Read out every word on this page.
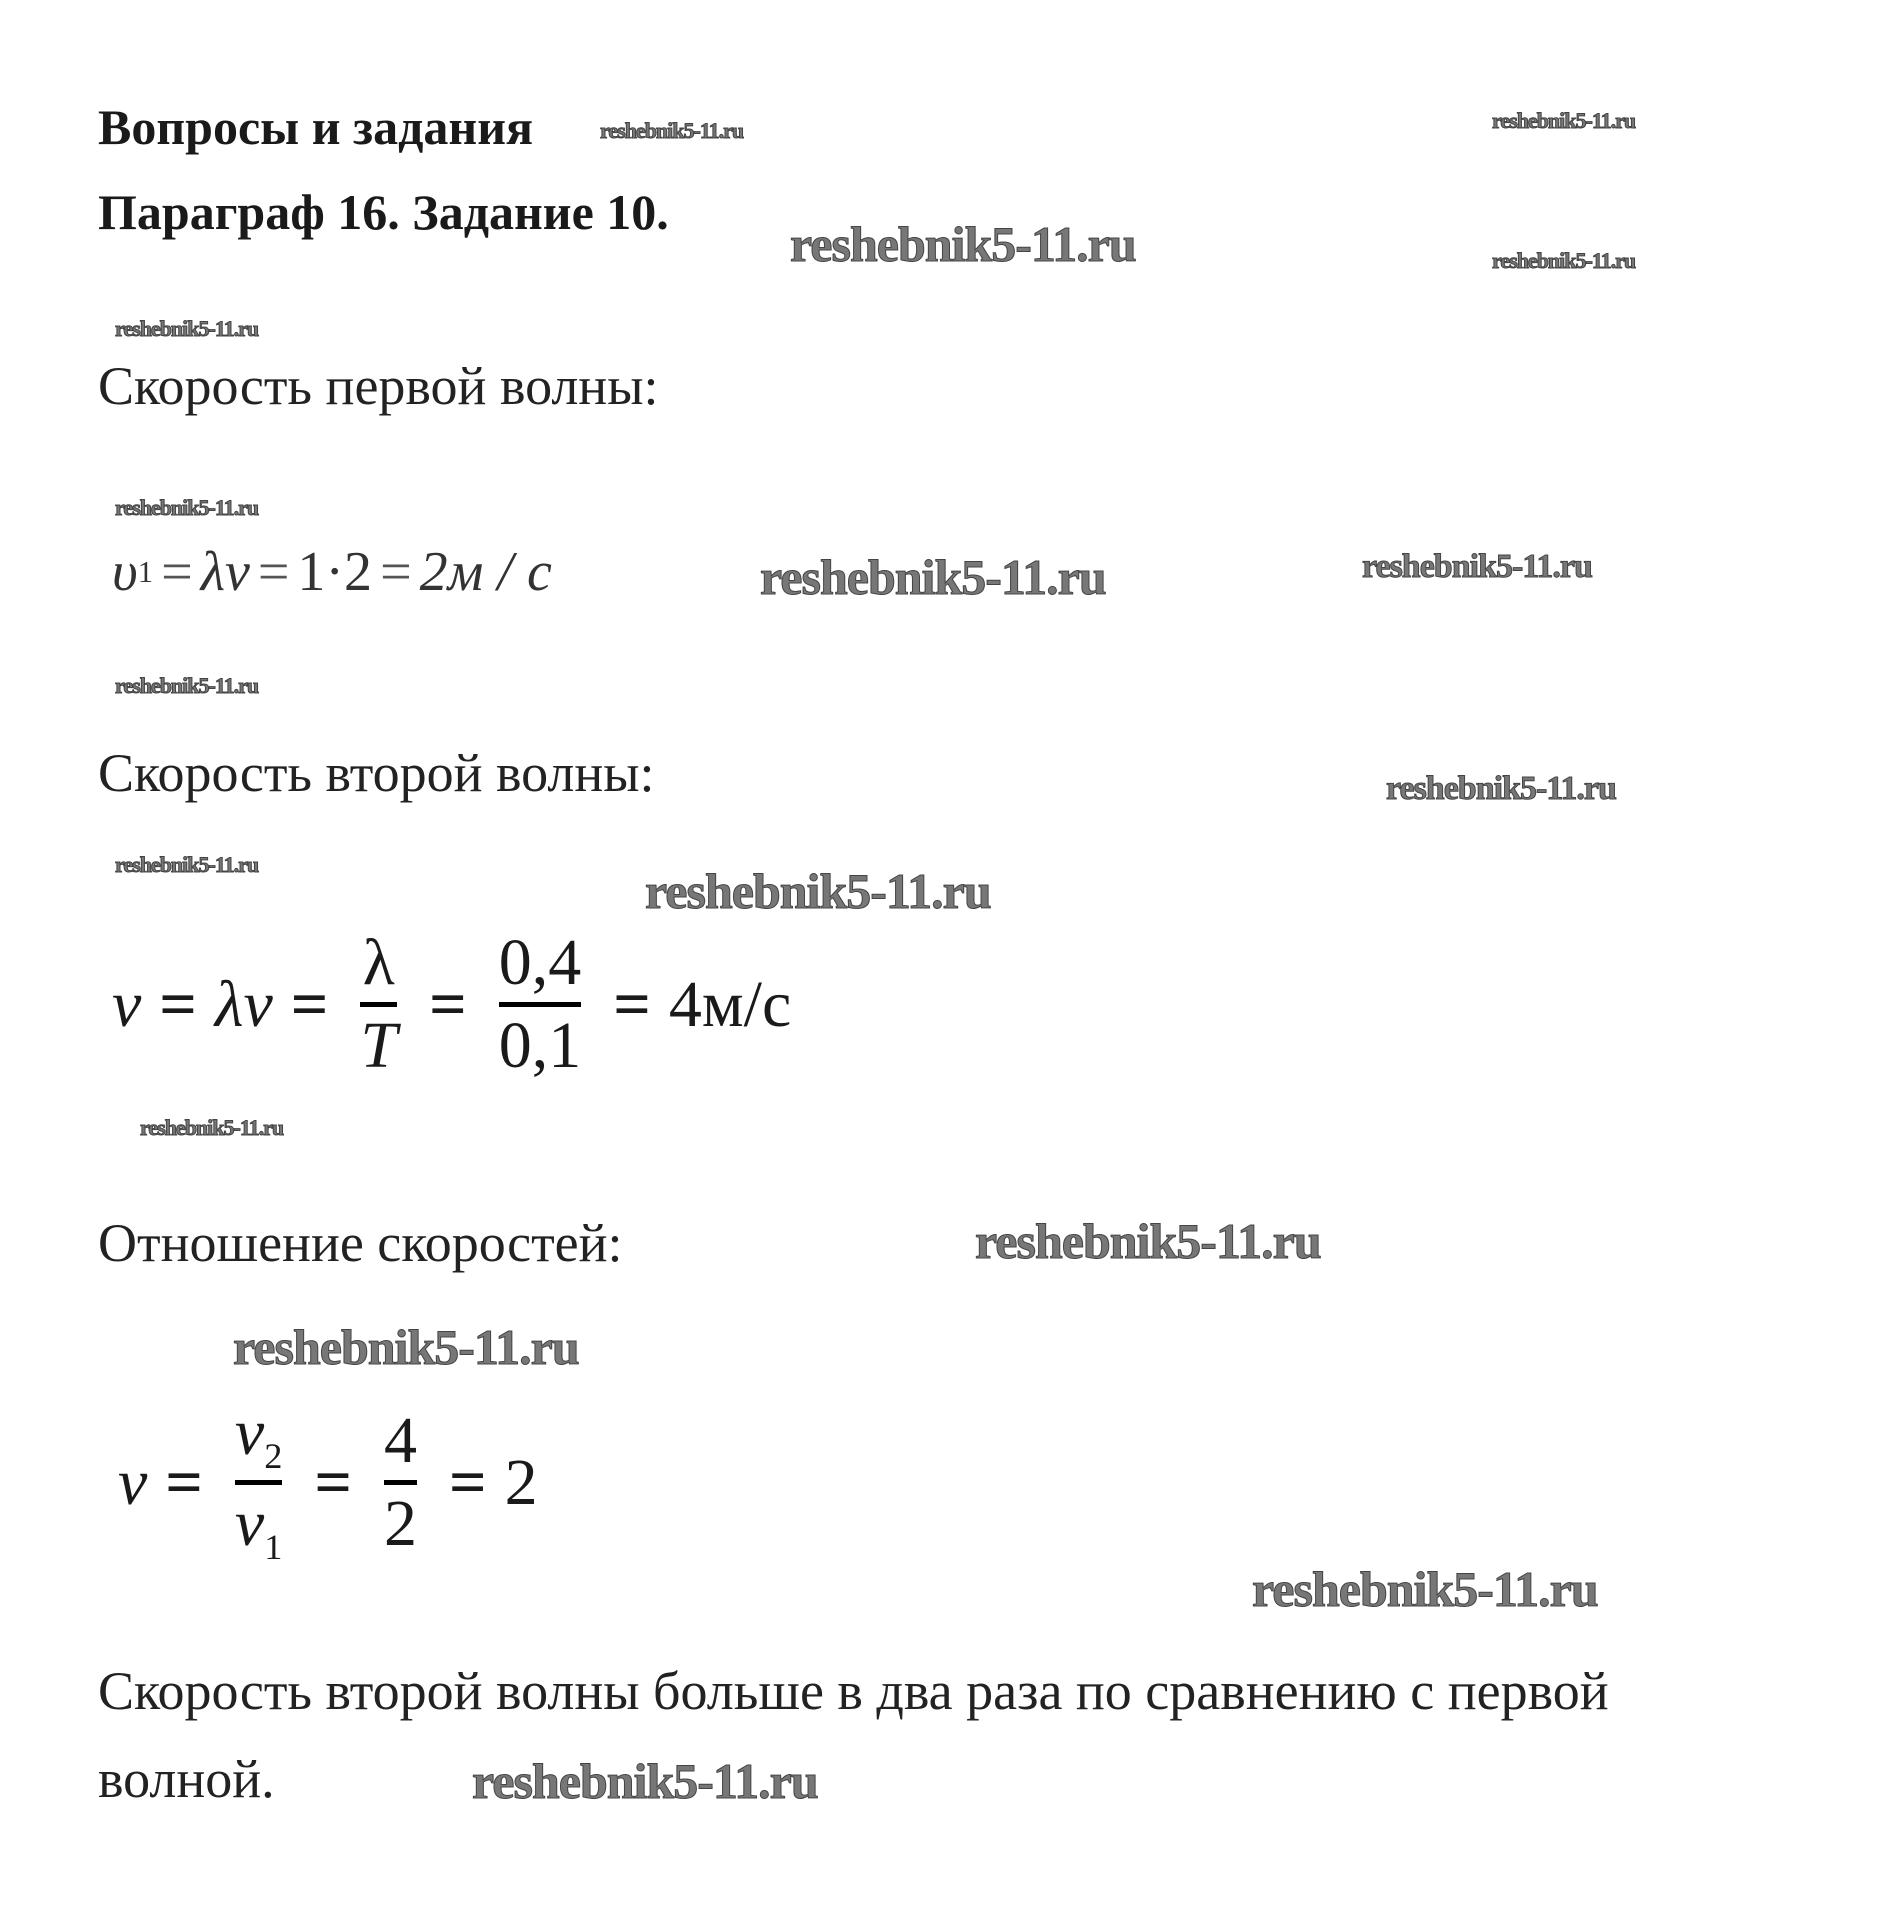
Вопросы и задания
Параграф 16. Задание 10.
Скорость первой волны:
υ 1 = λν = 1·2 = 2м / с
Скорость второй волны:
v = λv =
λ
T
=
0,4
0,1
= 4м/с
Отношение скоростей:
v =
$v_2$
$v_1$
=
4
2
= 2
Скорость второй волны больше в два раза по сравнению с первой
волной.
reshebnik5-11.ru	reshebnik5-11.ru
reshebnik5-11.ru
reshebnik5-11.ru
reshebnik5-11.ru
reshebnik5-11.ru
reshebnik5-11.ru	reshebnik5-11.ru
reshebnik5-11.ru
reshebnik5-11.ru
reshebnik5-11.ru	reshebnik5-11.ru
reshebnik5-11.ru
reshebnik5-11.ru
reshebnik5-11.ru
reshebnik5-11.ru
reshebnik5-11.ru
